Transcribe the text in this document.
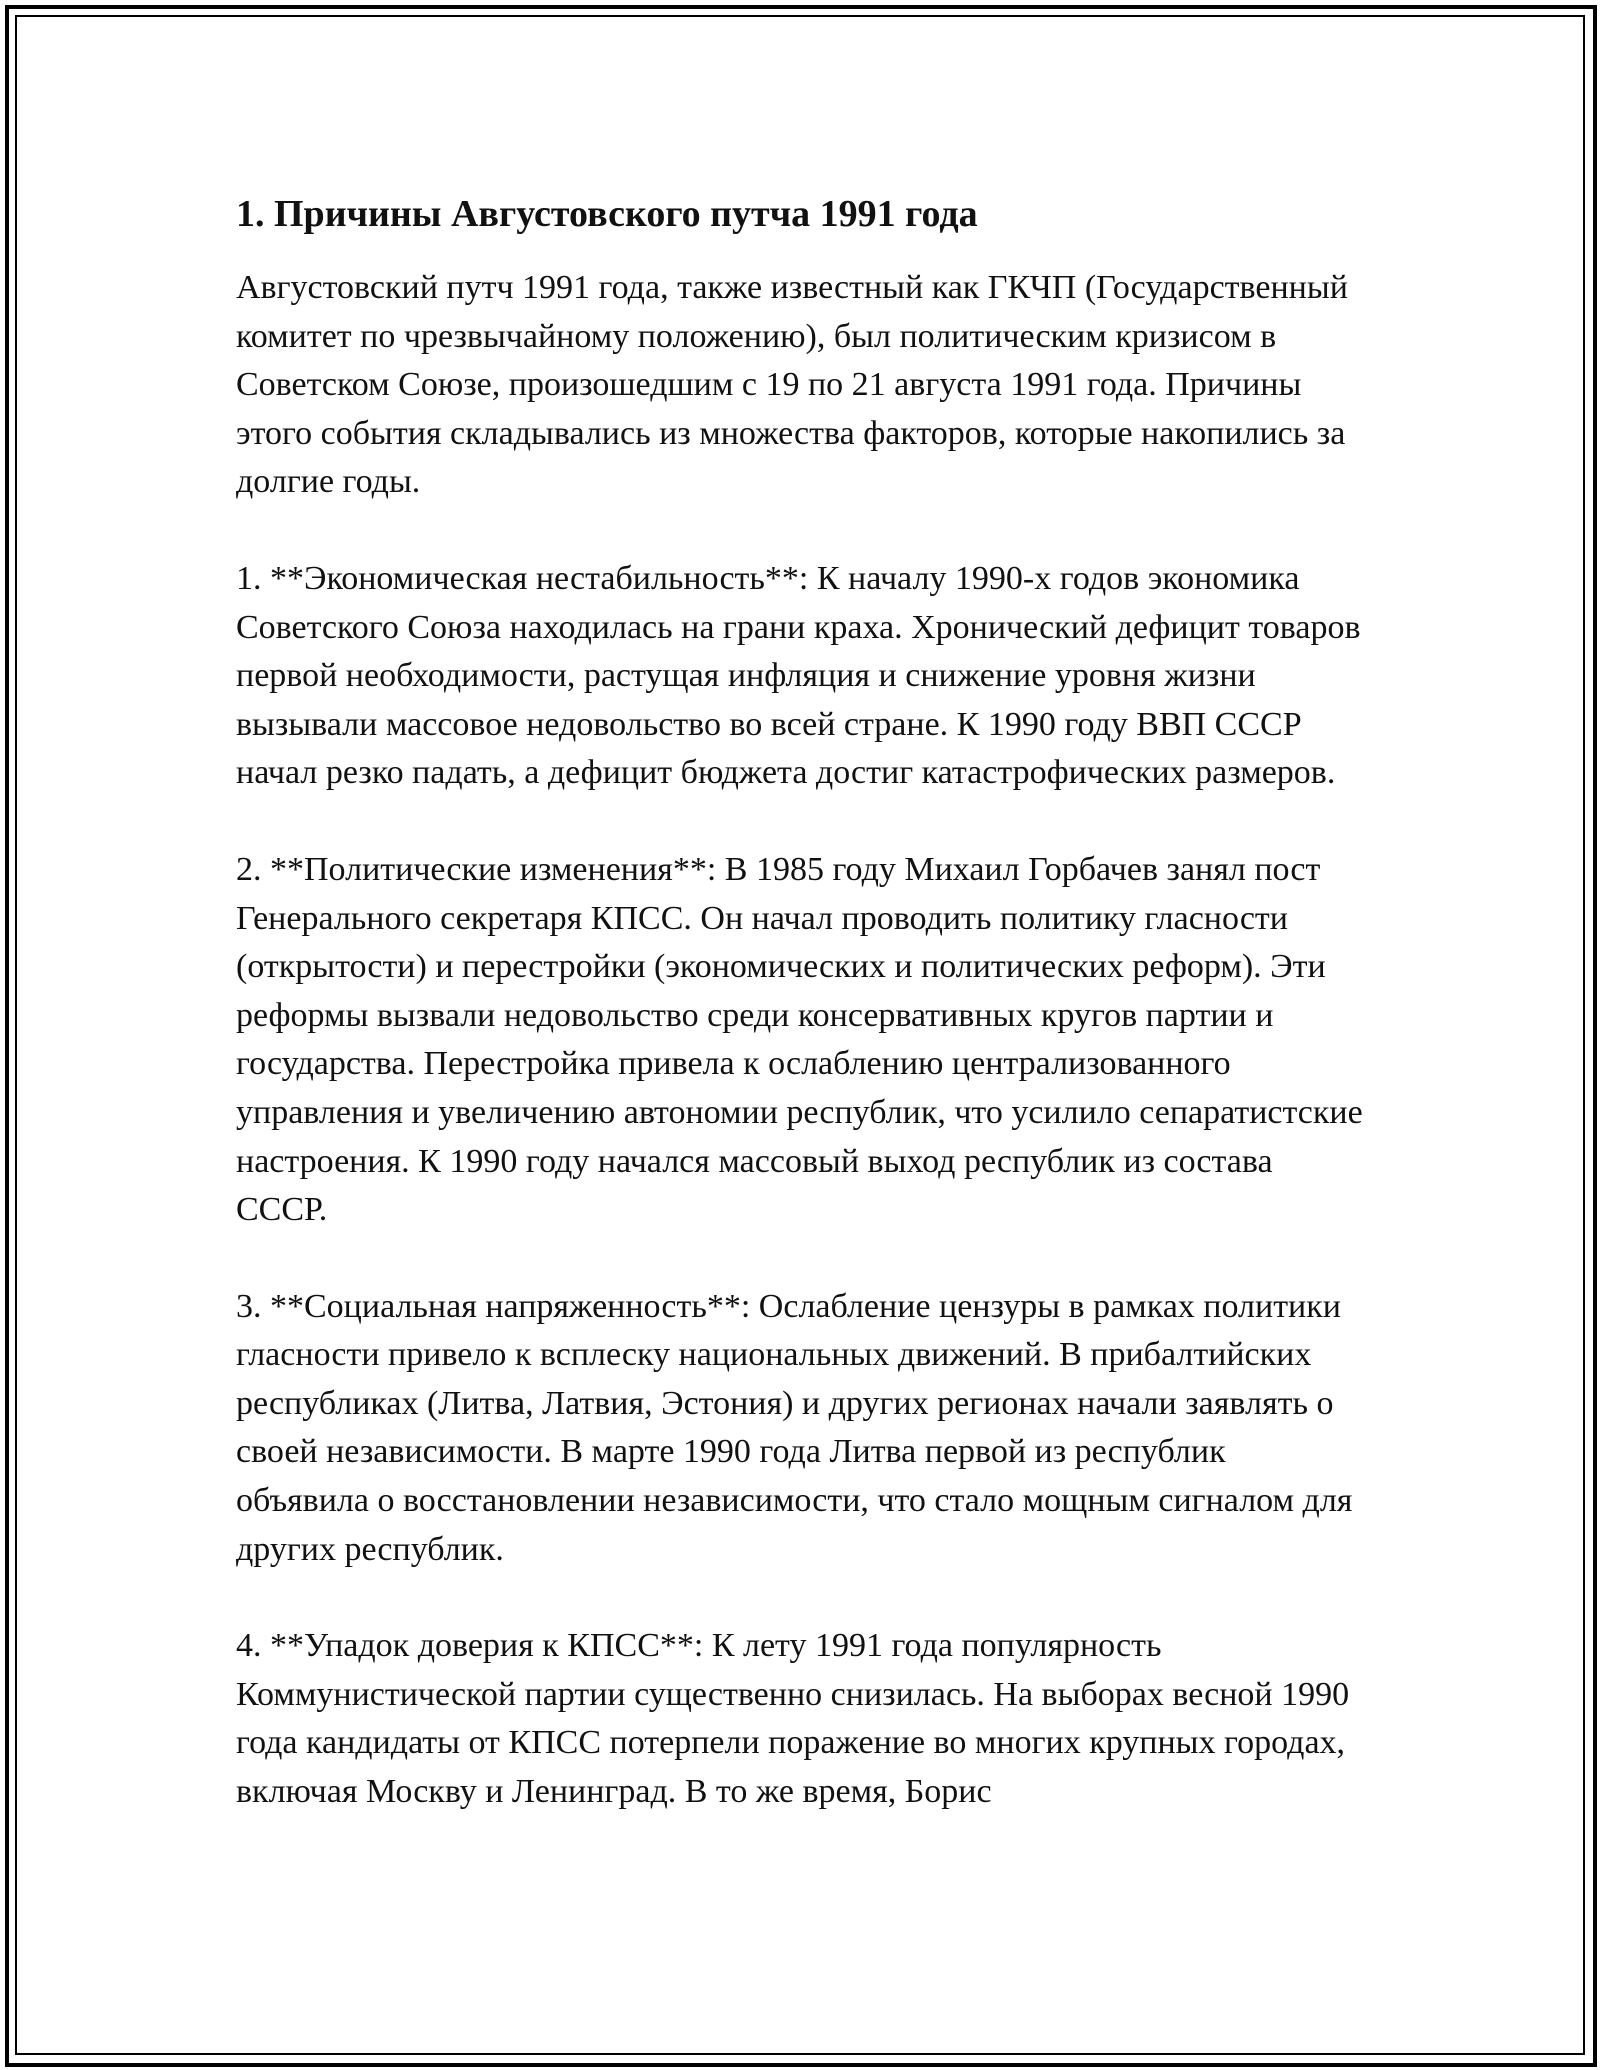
1. Причины Августовского путча 1991 года

Августовский путч 1991 года, также известный как ГКЧП (Государственный комитет по чрезвычайному положению), был политическим кризисом в Советском Союзе, произошедшим с 19 по 21 августа 1991 года. Причины этого события складывались из множества факторов, которые накопились за долгие годы.

1. **Экономическая нестабильность**: К началу 1990-х годов экономика Советского Союза находилась на грани краха. Хронический дефицит товаров первой необходимости, растущая инфляция и снижение уровня жизни вызывали массовое недовольство во всей стране. К 1990 году ВВП СССР начал резко падать, а дефицит бюджета достиг катастрофических размеров.

2. **Политические изменения**: В 1985 году Михаил Горбачев занял пост Генерального секретаря КПСС. Он начал проводить политику гласности (открытости) и перестройки (экономических и политических реформ). Эти реформы вызвали недовольство среди консервативных кругов партии и государства. Перестройка привела к ослаблению централизованного управления и увеличению автономии республик, что усилило сепаратистские настроения. К 1990 году начался массовый выход республик из состава СССР.

3. **Социальная напряженность**: Ослабление цензуры в рамках политики гласности привело к всплеску национальных движений. В прибалтийских республиках (Литва, Латвия, Эстония) и других регионах начали заявлять о своей независимости. В марте 1990 года Литва первой из республик объявила о восстановлении независимости, что стало мощным сигналом для других республик.

4. **Упадок доверия к КПСС**: К лету 1991 года популярность Коммунистической партии существенно снизилась. На выборах весной 1990 года кандидаты от КПСС потерпели поражение во многих крупных городах, включая Москву и Ленинград. В то же время, Борис
